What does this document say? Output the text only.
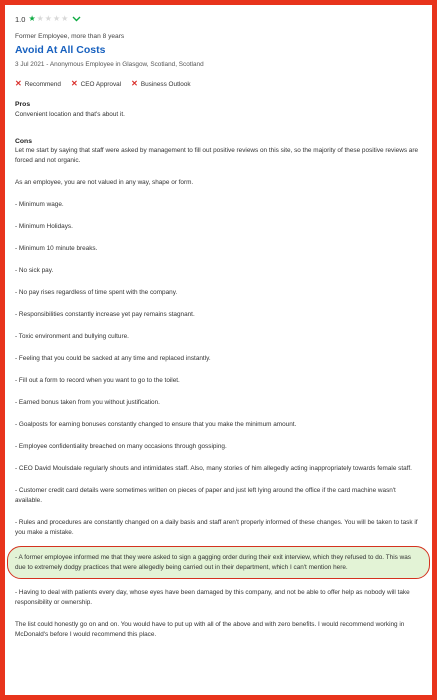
1.0 ★ ★ ★ ★ ★
Former Employee, more than 8 years
Avoid At All Costs
3 Jul 2021 - Anonymous Employee in Glasgow, Scotland, Scotland
✕ Recommend ✕ CEO Approval ✕ Business Outlook
Pros
Convenient location and that's about it.
Cons
Let me start by saying that staff were asked by management to fill out positive reviews on this site, so the majority of these positive reviews are forced and not organic.
As an employee, you are not valued in any way, shape or form.
- Minimum wage.
- Minimum Holidays.
- Minimum 10 minute breaks.
- No sick pay.
- No pay rises regardless of time spent with the company.
- Responsibilities constantly increase yet pay remains stagnant.
- Toxic environment and bullying culture.
- Feeling that you could be sacked at any time and replaced instantly.
- Fill out a form to record when you want to go to the toilet.
- Earned bonus taken from you without justification.
- Goalposts for earning bonuses constantly changed to ensure that you make the minimum amount.
- Employee confidentiality breached on many occasions through gossiping.
- CEO David Moulsdale regularly shouts and intimidates staff. Also, many stories of him allegedly acting inappropriately towards female staff.
- Customer credit card details were sometimes written on pieces of paper and just left lying around the office if the card machine wasn't available.
- Rules and procedures are constantly changed on a daily basis and staff aren't properly informed of these changes. You will be taken to task if you make a mistake.
- A former employee informed me that they were asked to sign a gagging order during their exit interview, which they refused to do. This was due to extremely dodgy practices that were allegedly being carried out in their department, which I can't mention here.
- Having to deal with patients every day, whose eyes have been damaged by this company, and not be able to offer help as nobody will take responsibility or ownership.
The list could honestly go on and on. You would have to put up with all of the above and with zero benefits. I would recommend working in McDonald's before I would recommend this place.
